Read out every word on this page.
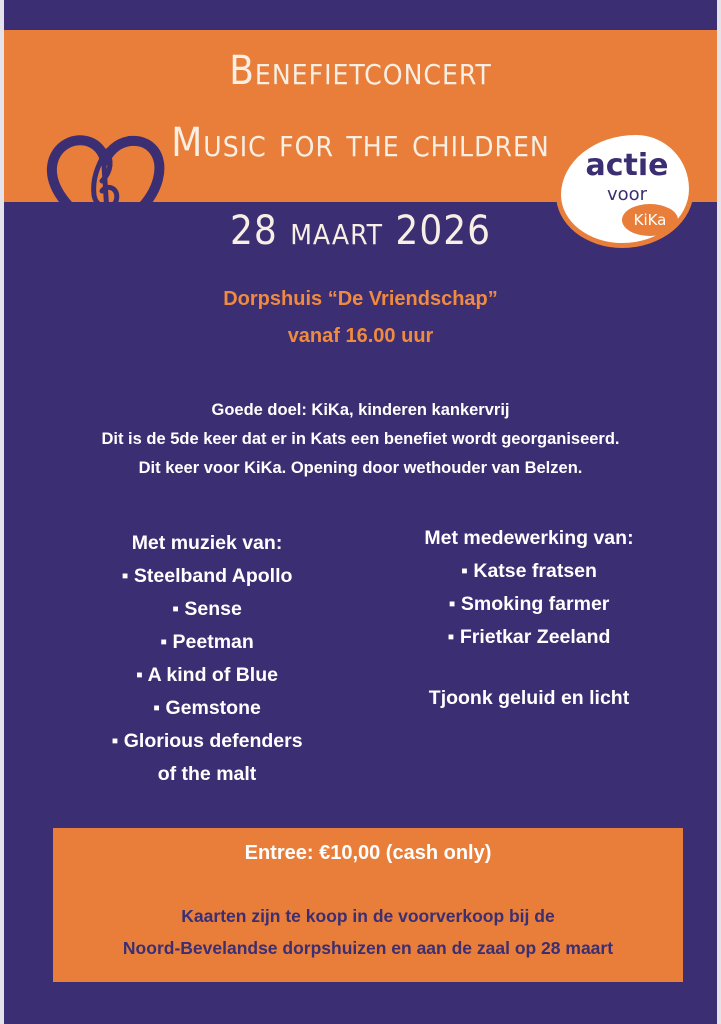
Benefietconcert
Music for the children	actie
voor
KiKa
28 maart 2026
Dorpshuis “De Vriendschap”
vanaf 16.00 uur
Goede doel: KiKa, kinderen kankervrij
Dit is de 5de keer dat er in Kats een benefiet wordt georganiseerd.
Dit keer voor KiKa. Opening door wethouder van Belzen.
Met muziek van:
▪ Steelband Apollo
▪ Sense
▪ Peetman
▪ A kind of Blue
▪ Gemstone
▪ Glorious defenders
of the malt
Met medewerking van:
▪ Katse fratsen
▪ Smoking farmer
▪ Frietkar Zeeland
Tjoonk geluid en licht
Entree: €10,00 (cash only)
Kaarten zijn te koop in de voorverkoop bij de
Noord-Bevelandse dorpshuizen en aan de zaal op 28 maart
